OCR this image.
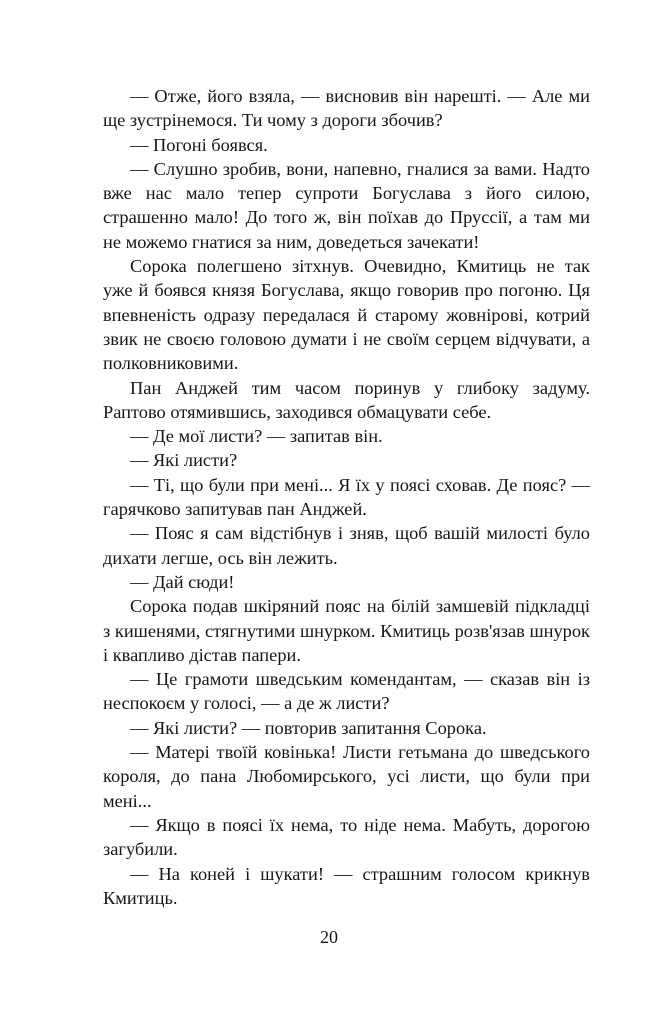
— Отже, його взяла, — висновив він нарешті. — Але ми ще зустрінемося. Ти чому з дороги збочив?

— Погоні боявся.

— Слушно зробив, вони, напевно, гналися за вами. Надто вже нас мало тепер супроти Богуслава з його силою, страшенно мало! До того ж, він поїхав до Пруссії, а там ми не можемо гнатися за ним, доведеться зачекати!

Сорока полегшено зітхнув. Очевидно, Кмитиць не так уже й боявся князя Богуслава, якщо говорив про погоню. Ця впевненість одразу передалася й старому жовнірові, котрий звик не своєю головою думати і не своїм серцем відчувати, а полковниковими.

Пан Анджей тим часом поринув у глибоку задуму. Раптово отямившись, заходився обмацувати себе.

— Де мої листи? — запитав він.

— Які листи?

— Ті, що були при мені... Я їх у поясі сховав. Де пояс? — гарячково запитував пан Анджей.

— Пояс я сам відстібнув і зняв, щоб вашій милості було дихати легше, ось він лежить.

— Дай сюди!

Сорока подав шкіряний пояс на білій замшевій підкладці з кишенями, стягнутими шнурком. Кмитиць розв'язав шнурок і квапливо дістав папери.

— Це грамоти шведським комендантам, — сказав він із неспокоєм у голосі, — а де ж листи?

— Які листи? — повторив запитання Сорока.

— Матері твоїй ковінька! Листи гетьмана до шведського короля, до пана Любомирського, усі листи, що були при мені...

— Якщо в поясі їх нема, то ніде нема. Мабуть, дорогою загубили.

— На коней і шукати! — страшним голосом крикнув Кмитиць.

20
